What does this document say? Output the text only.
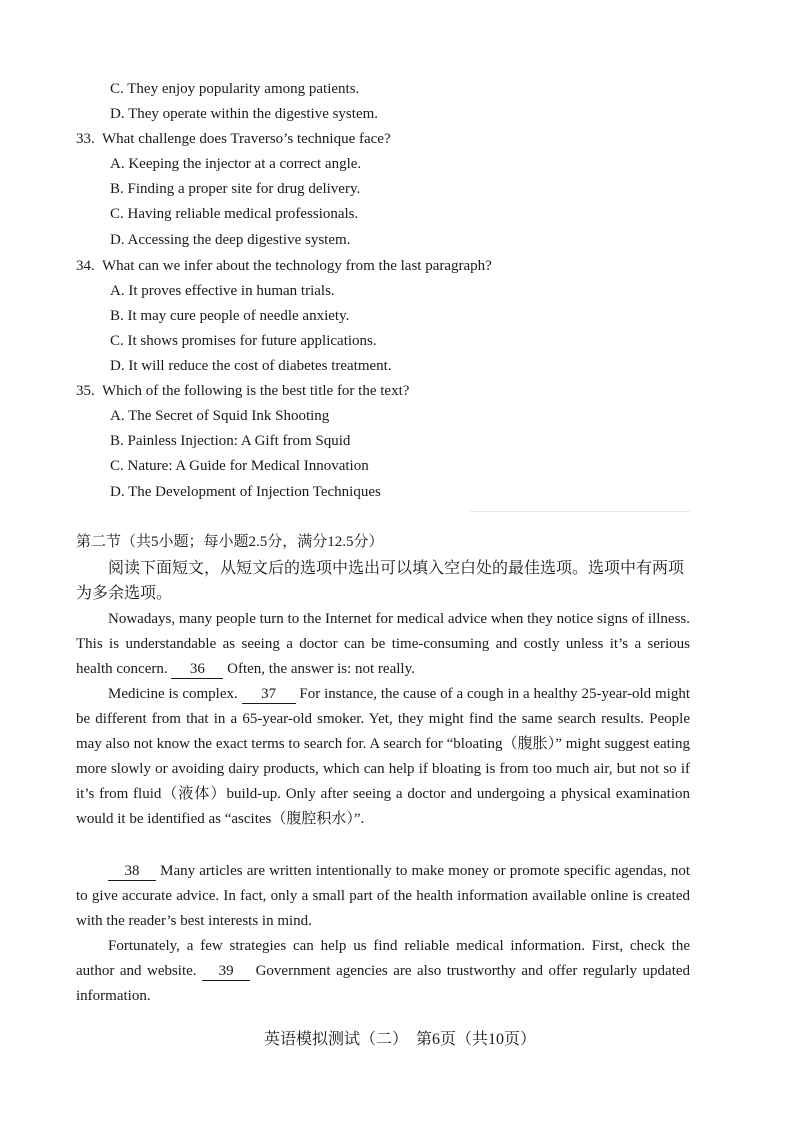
C. They enjoy popularity among patients.
D. They operate within the digestive system.
33. What challenge does Traverso’s technique face?
A. Keeping the injector at a correct angle.
B. Finding a proper site for drug delivery.
C. Having reliable medical professionals.
D. Accessing the deep digestive system.
34. What can we infer about the technology from the last paragraph?
A. It proves effective in human trials.
B. It may cure people of needle anxiety.
C. It shows promises for future applications.
D. It will reduce the cost of diabetes treatment.
35. Which of the following is the best title for the text?
A. The Secret of Squid Ink Shooting
B. Painless Injection: A Gift from Squid
C. Nature: A Guide for Medical Innovation
D. The Development of Injection Techniques
第二节（共5小题；每小题2.5分，满分12.5分）
阅读下面短文，从短文后的选项中选出可以填入空白处的最佳选项。选项中有两项为多余选项。
Nowadays, many people turn to the Internet for medical advice when they notice signs of illness. This is understandable as seeing a doctor can be time-consuming and costly unless it’s a serious health concern. 36 Often, the answer is: not really.
Medicine is complex. 37 For instance, the cause of a cough in a healthy 25-year-old might be different from that in a 65-year-old smoker. Yet, they might find the same search results. People may also not know the exact terms to search for. A search for “bloating（腹胀）” might suggest eating more slowly or avoiding dairy products, which can help if bloating is from too much air, but not so if it’s from fluid（液体）build-up. Only after seeing a doctor and undergoing a physical examination would it be identified as “ascites（腹腔积水）”.
38 Many articles are written intentionally to make money or promote specific agendas, not to give accurate advice. In fact, only a small part of the health information available online is created with the reader’s best interests in mind.
Fortunately, a few strategies can help us find reliable medical information. First, check the author and website. 39 Government agencies are also trustworthy and offer regularly updated information.
英语模拟测试（二）　第6页（共10页）
